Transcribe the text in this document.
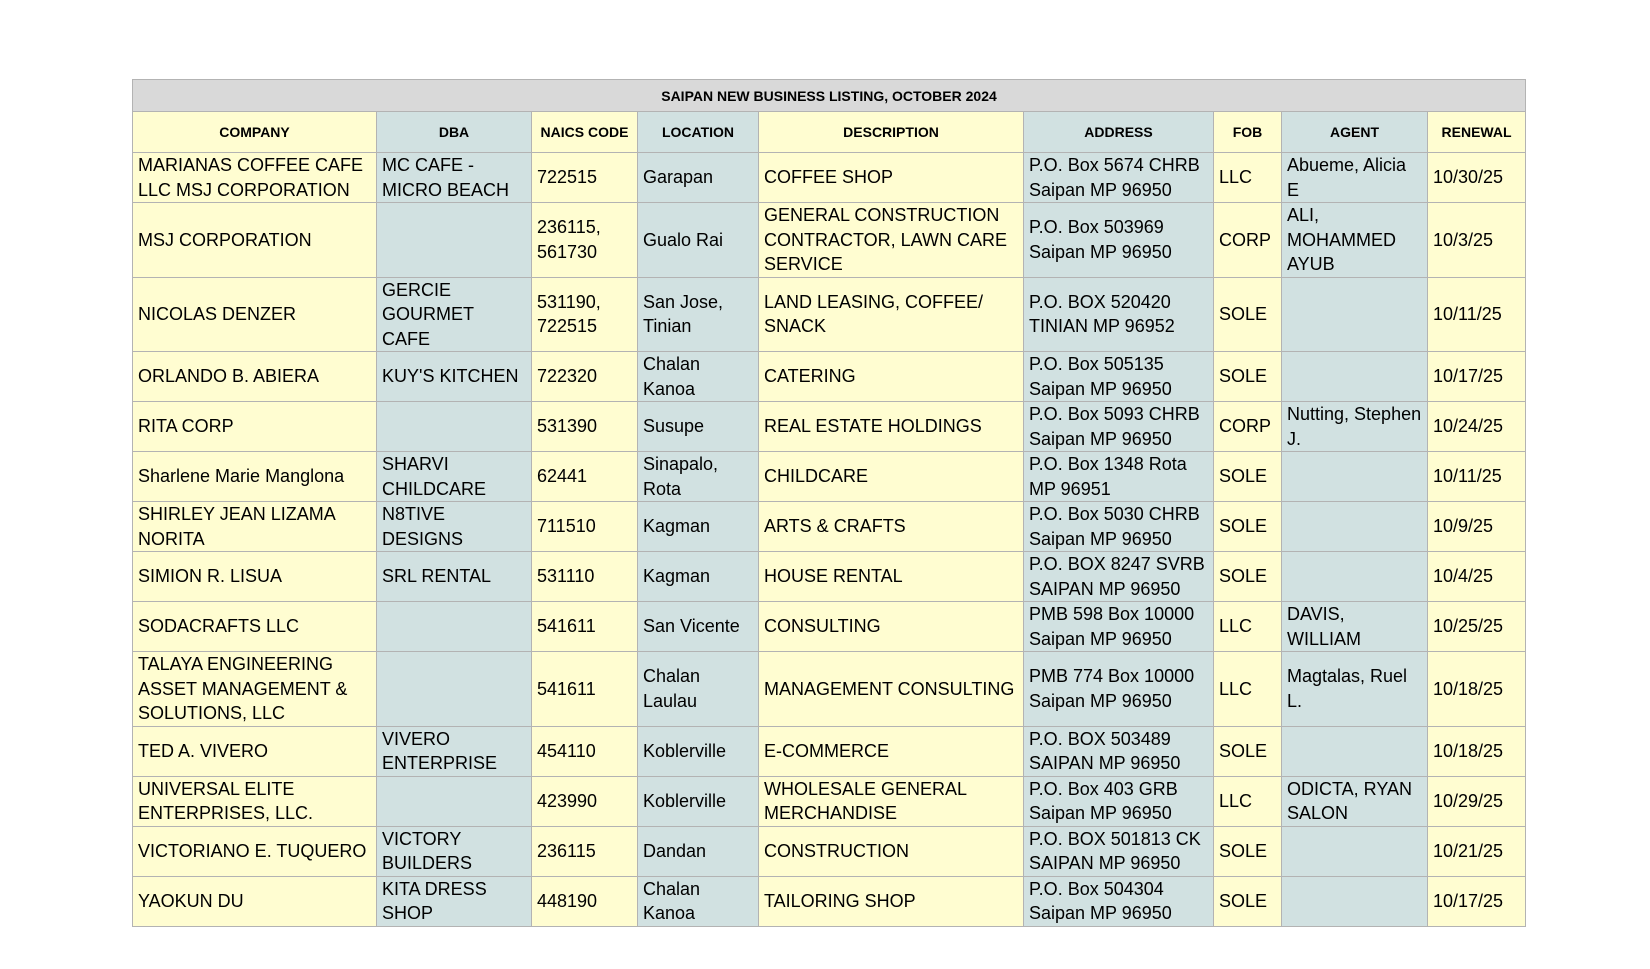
SAIPAN NEW BUSINESS LISTING, OCTOBER 2024								
COMPANY	DBA	NAICS CODE	LOCATION	DESCRIPTION	ADDRESS	FOB	AGENT	RENEWAL
MARIANAS COFFEE CAFE LLC MSJ CORPORATION	MC CAFE - MICRO BEACH	722515	Garapan	COFFEE SHOP	P.O. Box 5674 CHRB Saipan MP 96950	LLC	Abueme, Alicia E	10/30/25
MSJ CORPORATION		236115, 561730	Gualo Rai	GENERAL CONSTRUCTION CONTRACTOR, LAWN CARE SERVICE	P.O. Box 503969 Saipan MP 96950	CORP	ALI, MOHAMMED AYUB	10/3/25
NICOLAS DENZER	GERCIE GOURMET CAFE	531190, 722515	San Jose, Tinian	LAND LEASING, COFFEE/ SNACK	P.O. BOX 520420 TINIAN MP 96952	SOLE		10/11/25
ORLANDO B. ABIERA	KUY'S KITCHEN	722320	Chalan Kanoa	CATERING	P.O. Box 505135 Saipan MP 96950	SOLE		10/17/25
RITA CORP		531390	Susupe	REAL ESTATE HOLDINGS	P.O. Box 5093 CHRB Saipan MP 96950	CORP	Nutting, Stephen J.	10/24/25
Sharlene Marie Manglona	SHARVI CHILDCARE	62441	Sinapalo, Rota	CHILDCARE	P.O. Box 1348 Rota MP 96951	SOLE		10/11/25
SHIRLEY JEAN LIZAMA NORITA	N8TIVE DESIGNS	711510	Kagman	ARTS & CRAFTS	P.O. Box 5030 CHRB Saipan MP 96950	SOLE		10/9/25
SIMION R. LISUA	SRL RENTAL	531110	Kagman	HOUSE RENTAL	P.O. BOX 8247 SVRB SAIPAN MP 96950	SOLE		10/4/25
SODACRAFTS LLC		541611	San Vicente	CONSULTING	PMB 598 Box 10000 Saipan MP 96950	LLC	DAVIS, WILLIAM	10/25/25
TALAYA ENGINEERING ASSET MANAGEMENT & SOLUTIONS, LLC		541611	Chalan Laulau	MANAGEMENT CONSULTING	PMB 774 Box 10000 Saipan MP 96950	LLC	Magtalas, Ruel L.	10/18/25
TED A. VIVERO	VIVERO ENTERPRISE	454110	Koblerville	E-COMMERCE	P.O. BOX 503489 SAIPAN MP 96950	SOLE		10/18/25
UNIVERSAL ELITE ENTERPRISES, LLC.		423990	Koblerville	WHOLESALE GENERAL MERCHANDISE	P.O. Box 403 GRB Saipan MP 96950	LLC	ODICTA, RYAN SALON	10/29/25
VICTORIANO E. TUQUERO	VICTORY BUILDERS	236115	Dandan	CONSTRUCTION	P.O. BOX 501813 CK SAIPAN MP 96950	SOLE		10/21/25
YAOKUN DU	KITA DRESS SHOP	448190	Chalan Kanoa	TAILORING SHOP	P.O. Box 504304 Saipan MP 96950	SOLE		10/17/25
